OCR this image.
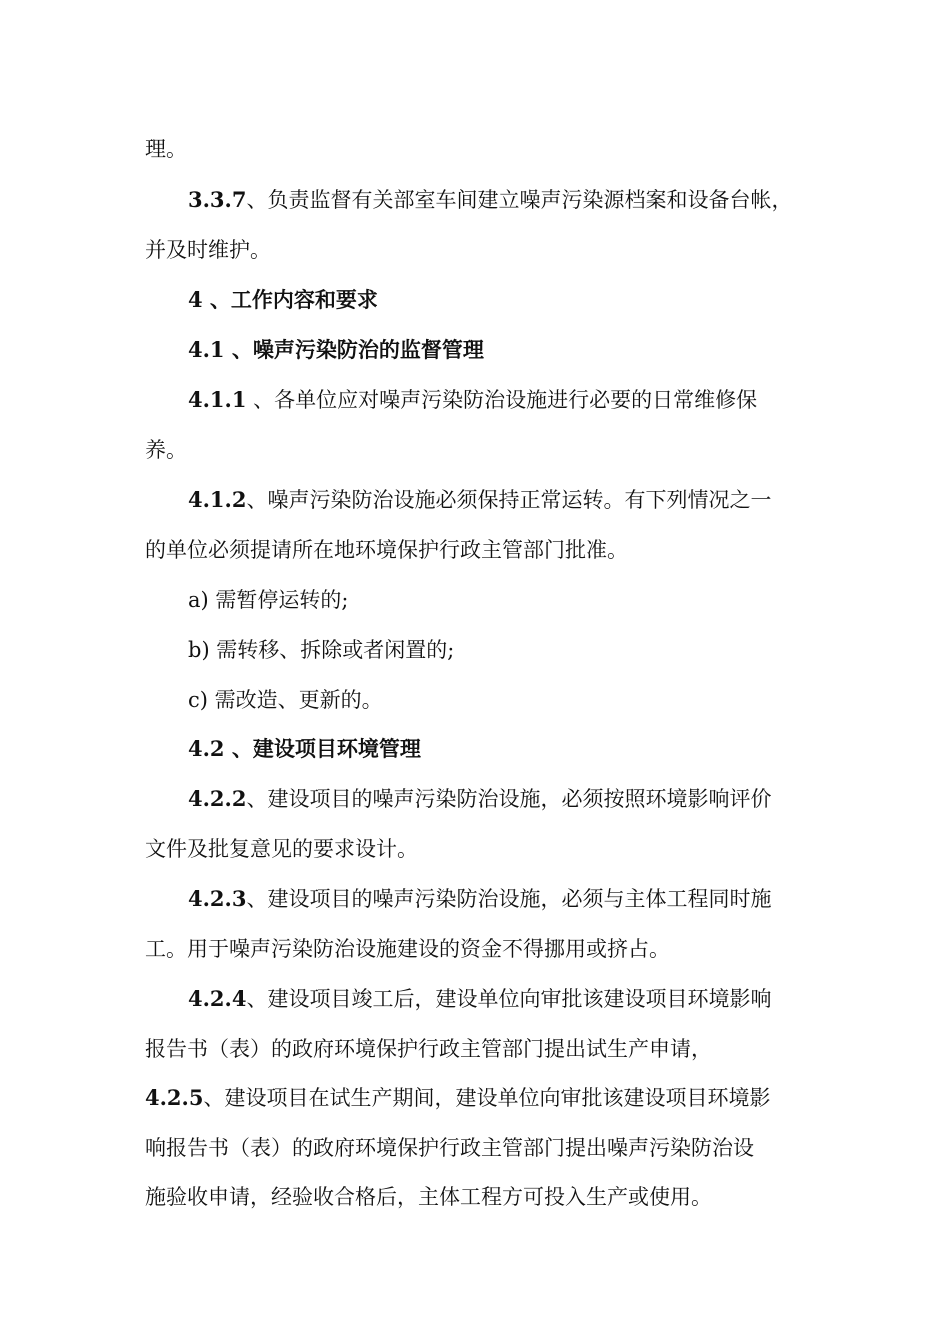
理。
3.3.7、负责监督有关部室车间建立噪声污染源档案和设备台帐，
并及时维护。
4 、工作内容和要求
4.1 、噪声污染防治的监督管理
4.1.1 、各单位应对噪声污染防治设施进行必要的日常维修保
养。
4.1.2、噪声污染防治设施必须保持正常运转。有下列情况之一
的单位必须提请所在地环境保护行政主管部门批准。
a) 需暂停运转的;
b) 需转移、拆除或者闲置的;
c) 需改造、更新的。
4.2 、建设项目环境管理
4.2.2、建设项目的噪声污染防治设施，必须按照环境影响评价
文件及批复意见的要求设计。
4.2.3、建设项目的噪声污染防治设施，必须与主体工程同时施
工。用于噪声污染防治设施建设的资金不得挪用或挤占。
4.2.4、建设项目竣工后，建设单位向审批该建设项目环境影响
报告书（表）的政府环境保护行政主管部门提出试生产申请，
4.2.5、建设项目在试生产期间，建设单位向审批该建设项目环境影
响报告书（表）的政府环境保护行政主管部门提出噪声污染防治设
施验收申请，经验收合格后，主体工程方可投入生产或使用。
